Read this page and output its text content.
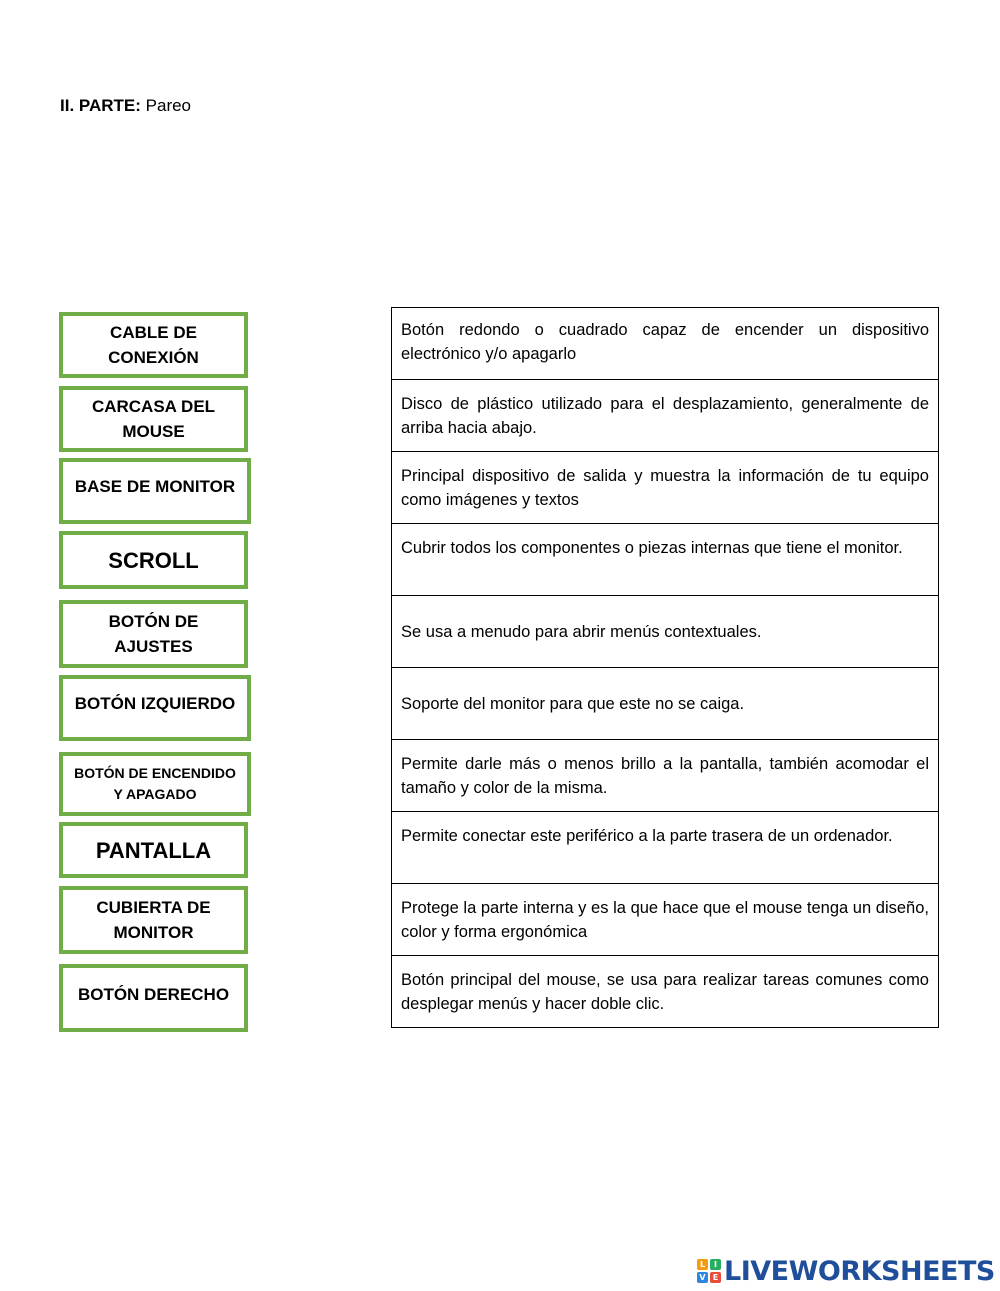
II. PARTE: Pareo
CABLE DE
CONEXIÓN
CARCASA DEL
MOUSE
BASE DE MONITOR
SCROLL
BOTÓN DE
AJUSTES
BOTÓN IZQUIERDO
BOTÓN DE ENCENDIDO
Y APAGADO
PANTALLA
CUBIERTA DE
MONITOR
BOTÓN DERECHO
Botón redondo o cuadrado capaz de encender un dispositivo electrónico y/o apagarlo
Disco de plástico utilizado para el desplazamiento, generalmente de arriba hacia abajo.
Principal dispositivo de salida y muestra la información de tu equipo como imágenes y textos
Cubrir todos los componentes o piezas internas que tiene el monitor.
Se usa a menudo para abrir menús contextuales.
Soporte del monitor para que este no se caiga.
Permite darle más o menos brillo a la pantalla, también acomodar el tamaño y color de la misma.
Permite conectar este periférico a la parte trasera de un ordenador.
Protege la parte interna y es la que hace que el mouse tenga un diseño, color y forma ergonómica
Botón principal del mouse, se usa para realizar tareas comunes como desplegar menús y hacer doble clic.
L	I
V E LIVEWORKSHEETS
